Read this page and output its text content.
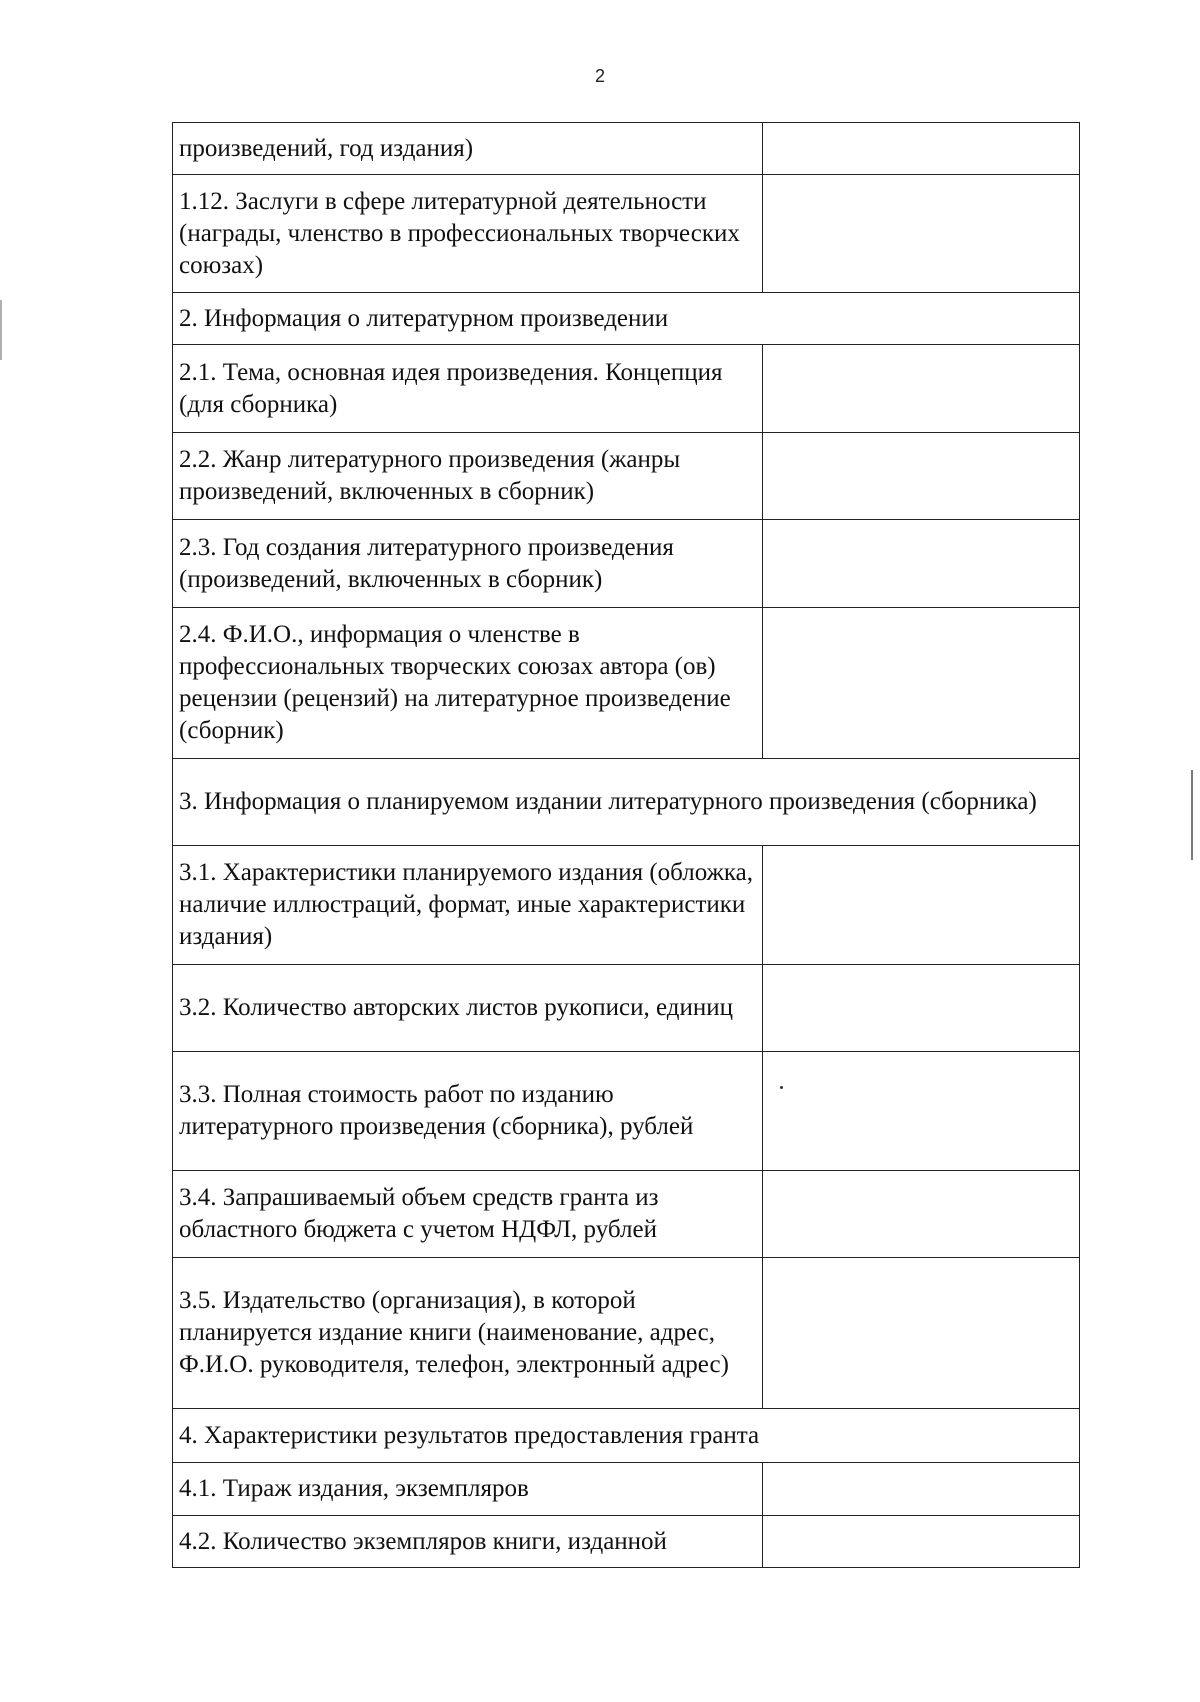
2
произведений, год издания)	
1.12. Заслуги в сфере литературной деятельности (награды, членство в профессиональных творческих союзах)	
2. Информация о литературном произведении	
2.1. Тема, основная идея произведения. Концепция (для сборника)	
2.2. Жанр литературного произведения (жанры произведений, включенных в сборник)	
2.3. Год создания литературного произведения (произведений, включенных в сборник)	
2.4. Ф.И.О., информация о членстве в профессиональных творческих союзах автора (ов) рецензии (рецензий) на литературное произведение (сборник)	
3. Информация о планируемом издании литературного произведения (сборника)	
3.1. Характеристики планируемого издания (обложка, наличие иллюстраций, формат, иные характеристики издания)	
3.2. Количество авторских листов рукописи, единиц	
3.3. Полная стоимость работ по изданию литературного произведения (сборника), рублей	
3.4. Запрашиваемый объем средств гранта из областного бюджета с учетом НДФЛ, рублей	
3.5. Издательство (организация), в которой планируется издание книги (наименование, адрес, Ф.И.О. руководителя, телефон, электронный адрес)	
4. Характеристики результатов предоставления гранта	
4.1. Тираж издания, экземпляров	
4.2. Количество экземпляров книги, изданной	
